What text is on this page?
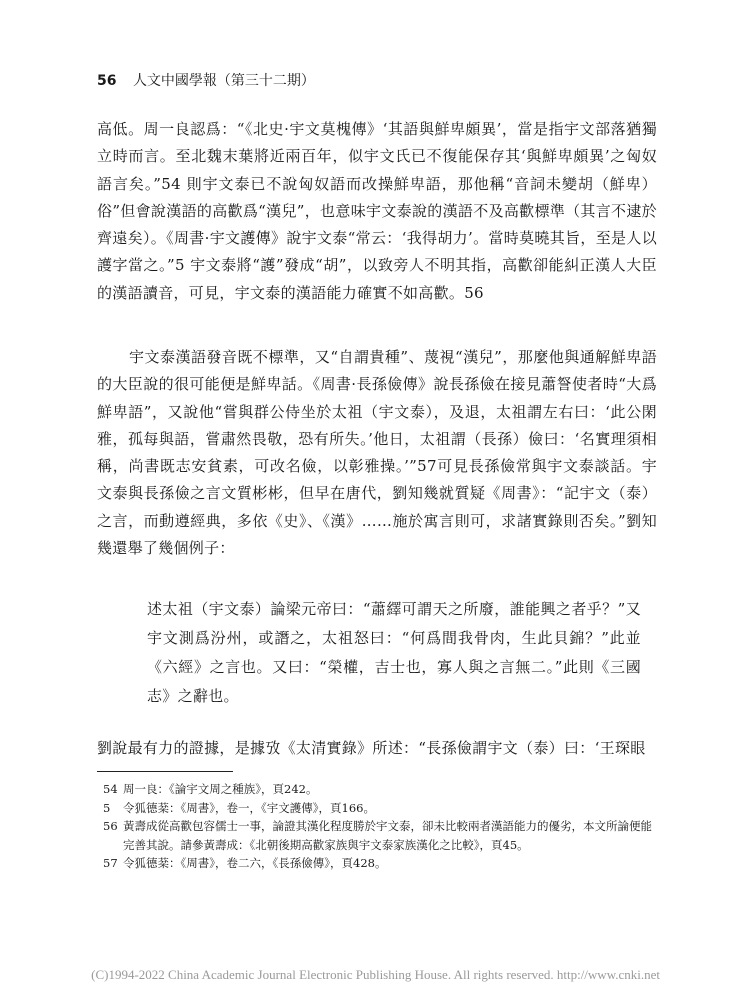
56 人文中國學報（第三十二期）

高低。周一良認爲：“《北史·宇文莫槐傳》‘其語與鮮卑頗異’，當是指宇文部落猶獨立時而言。至北魏末葉將近兩百年，似宇文氏已不復能保存其‘與鮮卑頗異’之匈奴語言矣。”54 則宇文泰已不說匈奴語而改操鮮卑語，那他稱“音詞未變胡（鮮卑）俗”但會說漢語的高歡爲“漢兒”，也意味宇文泰說的漢語不及高歡標準（其言不逮於齊遠矣）。《周書·宇文護傳》說宇文泰“常云：‘我得胡力’。當時莫曉其旨，至是人以護字當之。”5 宇文泰將“護”發成“胡”，以致旁人不明其指，高歡卻能糾正漢人大臣的漢語讀音，可見，宇文泰的漢語能力確實不如高歡。56

宇文泰漢語發音既不標準，又“自謂貴種”、蔑視“漢兒”，那麼他與通解鮮卑語的大臣說的很可能便是鮮卑話。《周書·長孫儉傳》說長孫儉在接見蕭詧使者時“大爲鮮卑語”，又說他“嘗與群公侍坐於太祖（宇文泰），及退，太祖謂左右曰：‘此公閑雅，孤每與語，嘗肅然畏敬，恐有所失。’他日，太祖謂（長孫）儉曰：‘名實理須相稱，尚書既志安貧素，可改名儉，以彰雅操。’”57可見長孫儉常與宇文泰談話。宇文泰與長孫儉之言文質彬彬，但早在唐代，劉知幾就質疑《周書》：“記宇文（泰）之言，而動遵經典，多依《史》、《漢》……施於寓言則可，求諸實錄則否矣。”劉知幾還舉了幾個例子：

述太祖（宇文泰）論梁元帝曰：“蕭繹可謂天之所廢，誰能興之者乎？”又宇文測爲汾州，或譖之，太祖怒曰：“何爲間我骨肉，生此貝錦？”此並《六經》之言也。又曰：“榮權，吉士也，寡人與之言無二。”此則《三國志》之辭也。

劉說最有力的證據，是據攷《太清實錄》所述：“長孫儉謂宇文（泰）曰：‘王琛眼

54 周一良：《論宇文周之種族》，頁242。
5	令狐德棻：《周書》，卷一，《宇文護傳》，頁166。
56 黃壽成從高歡包容儒士一事，論證其漢化程度勝於宇文泰，卻未比較兩者漢語能力的優劣，本文所論便能完善其說。請參黃壽成：《北朝後期高歡家族與宇文泰家族漢化之比較》，頁45。
57 令狐德棻：《周書》，卷二六，《長孫儉傳》，頁428。
(C)1994-2022 China Academic Journal Electronic Publishing House. All rights reserved. http://www.cnki.net
